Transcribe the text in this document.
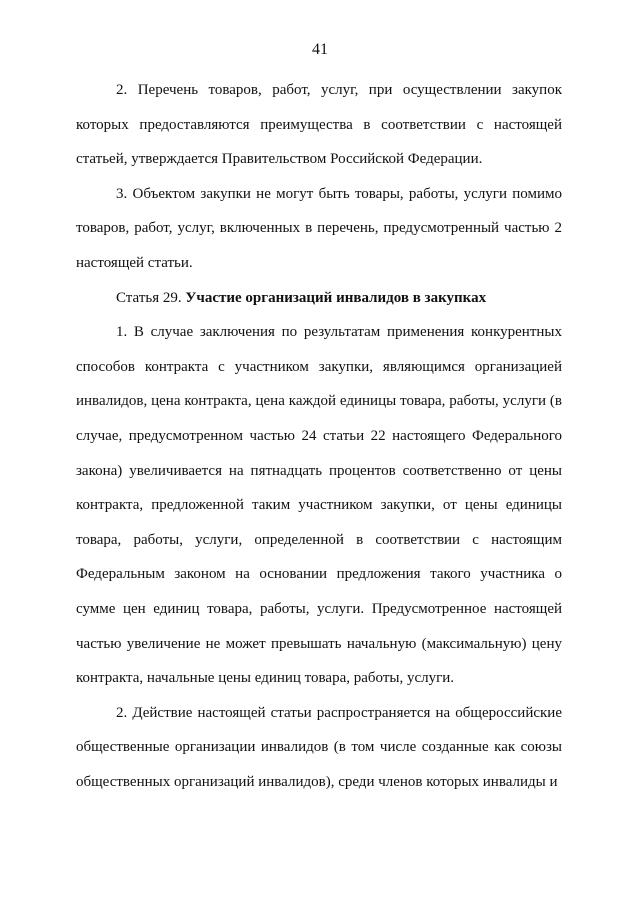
41

2. Перечень товаров, работ, услуг, при осуществлении закупок которых предоставляются преимущества в соответствии с настоящей статьей, утверждается Правительством Российской Федерации.

3. Объектом закупки не могут быть товары, работы, услуги помимо товаров, работ, услуг, включенных в перечень, предусмотренный частью 2 настоящей статьи.

Статья 29. Участие организаций инвалидов в закупках

1. В случае заключения по результатам применения конкурентных способов контракта с участником закупки, являющимся организацией инвалидов, цена контракта, цена каждой единицы товара, работы, услуги (в случае, предусмотренном частью 24 статьи 22 настоящего Федерального закона) увеличивается на пятнадцать процентов соответственно от цены контракта, предложенной таким участником закупки, от цены единицы товара, работы, услуги, определенной в соответствии с настоящим Федеральным законом на основании предложения такого участника о сумме цен единиц товара, работы, услуги. Предусмотренное настоящей частью увеличение не может превышать начальную (максимальную) цену контракта, начальные цены единиц товара, работы, услуги.

2. Действие настоящей статьи распространяется на общероссийские общественные организации инвалидов (в том числе созданные как союзы общественных организаций инвалидов), среди членов которых инвалиды и
